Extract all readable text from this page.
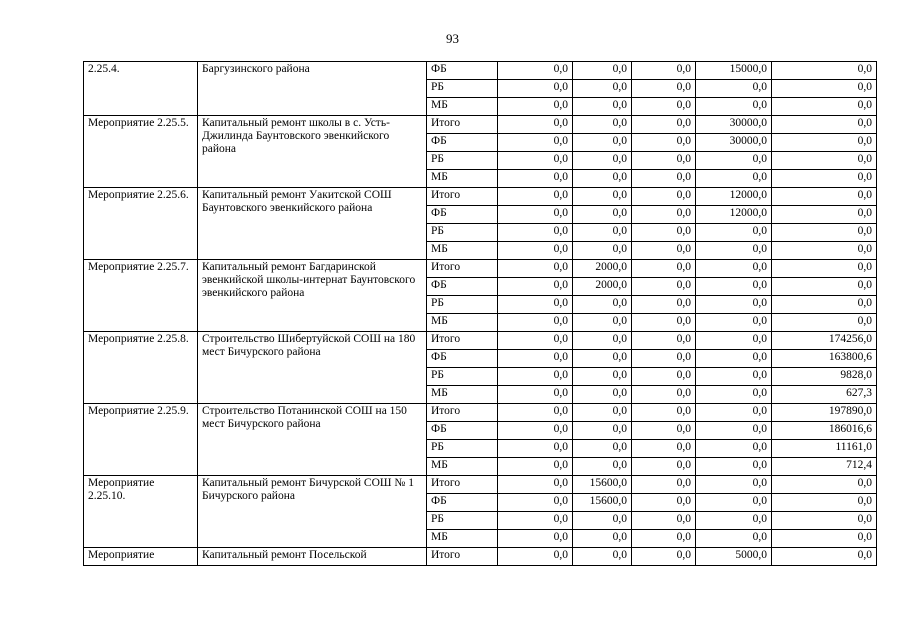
93
2.25.4.	Баргузинского района	ФБ	0,0	0,0	0,0	15000,0	0,0
		РБ	0,0	0,0	0,0	0,0	0,0
		МБ	0,0	0,0	0,0	0,0	0,0
Мероприятие 2.25.5.	Капитальный ремонт школы в с. Усть-Джилинда Баунтовского эвенкийского района	Итого	0,0	0,0	0,0	30000,0	0,0
		ФБ	0,0	0,0	0,0	30000,0	0,0
		РБ	0,0	0,0	0,0	0,0	0,0
		МБ	0,0	0,0	0,0	0,0	0,0
Мероприятие 2.25.6.	Капитальный ремонт Уакитской СОШ Баунтовского эвенкийского района	Итого	0,0	0,0	0,0	12000,0	0,0
		ФБ	0,0	0,0	0,0	12000,0	0,0
		РБ	0,0	0,0	0,0	0,0	0,0
		МБ	0,0	0,0	0,0	0,0	0,0
Мероприятие 2.25.7.	Капитальный ремонт Багдаринской эвенкийской школы-интернат Баунтовского эвенкийского района	Итого	0,0	2000,0	0,0	0,0	0,0
		ФБ	0,0	2000,0	0,0	0,0	0,0
		РБ	0,0	0,0	0,0	0,0	0,0
		МБ	0,0	0,0	0,0	0,0	0,0
Мероприятие 2.25.8.	Строительство Шибертуйской СОШ на 180 мест Бичурского района	Итого	0,0	0,0	0,0	0,0	174256,0
		ФБ	0,0	0,0	0,0	0,0	163800,6
		РБ	0,0	0,0	0,0	0,0	9828,0
		МБ	0,0	0,0	0,0	0,0	627,3
Мероприятие 2.25.9.	Строительство Потанинской СОШ на 150 мест Бичурского района	Итого	0,0	0,0	0,0	0,0	197890,0
		ФБ	0,0	0,0	0,0	0,0	186016,6
		РБ	0,0	0,0	0,0	0,0	11161,0
		МБ	0,0	0,0	0,0	0,0	712,4
Мероприятие 2.25.10.	Капитальный ремонт Бичурской СОШ № 1 Бичурского района	Итого	0,0	15600,0	0,0	0,0	0,0
		ФБ	0,0	15600,0	0,0	0,0	0,0
		РБ	0,0	0,0	0,0	0,0	0,0
		МБ	0,0	0,0	0,0	0,0	0,0
Мероприятие	Капитальный ремонт Посельской	Итого	0,0	0,0	0,0	5000,0	0,0
